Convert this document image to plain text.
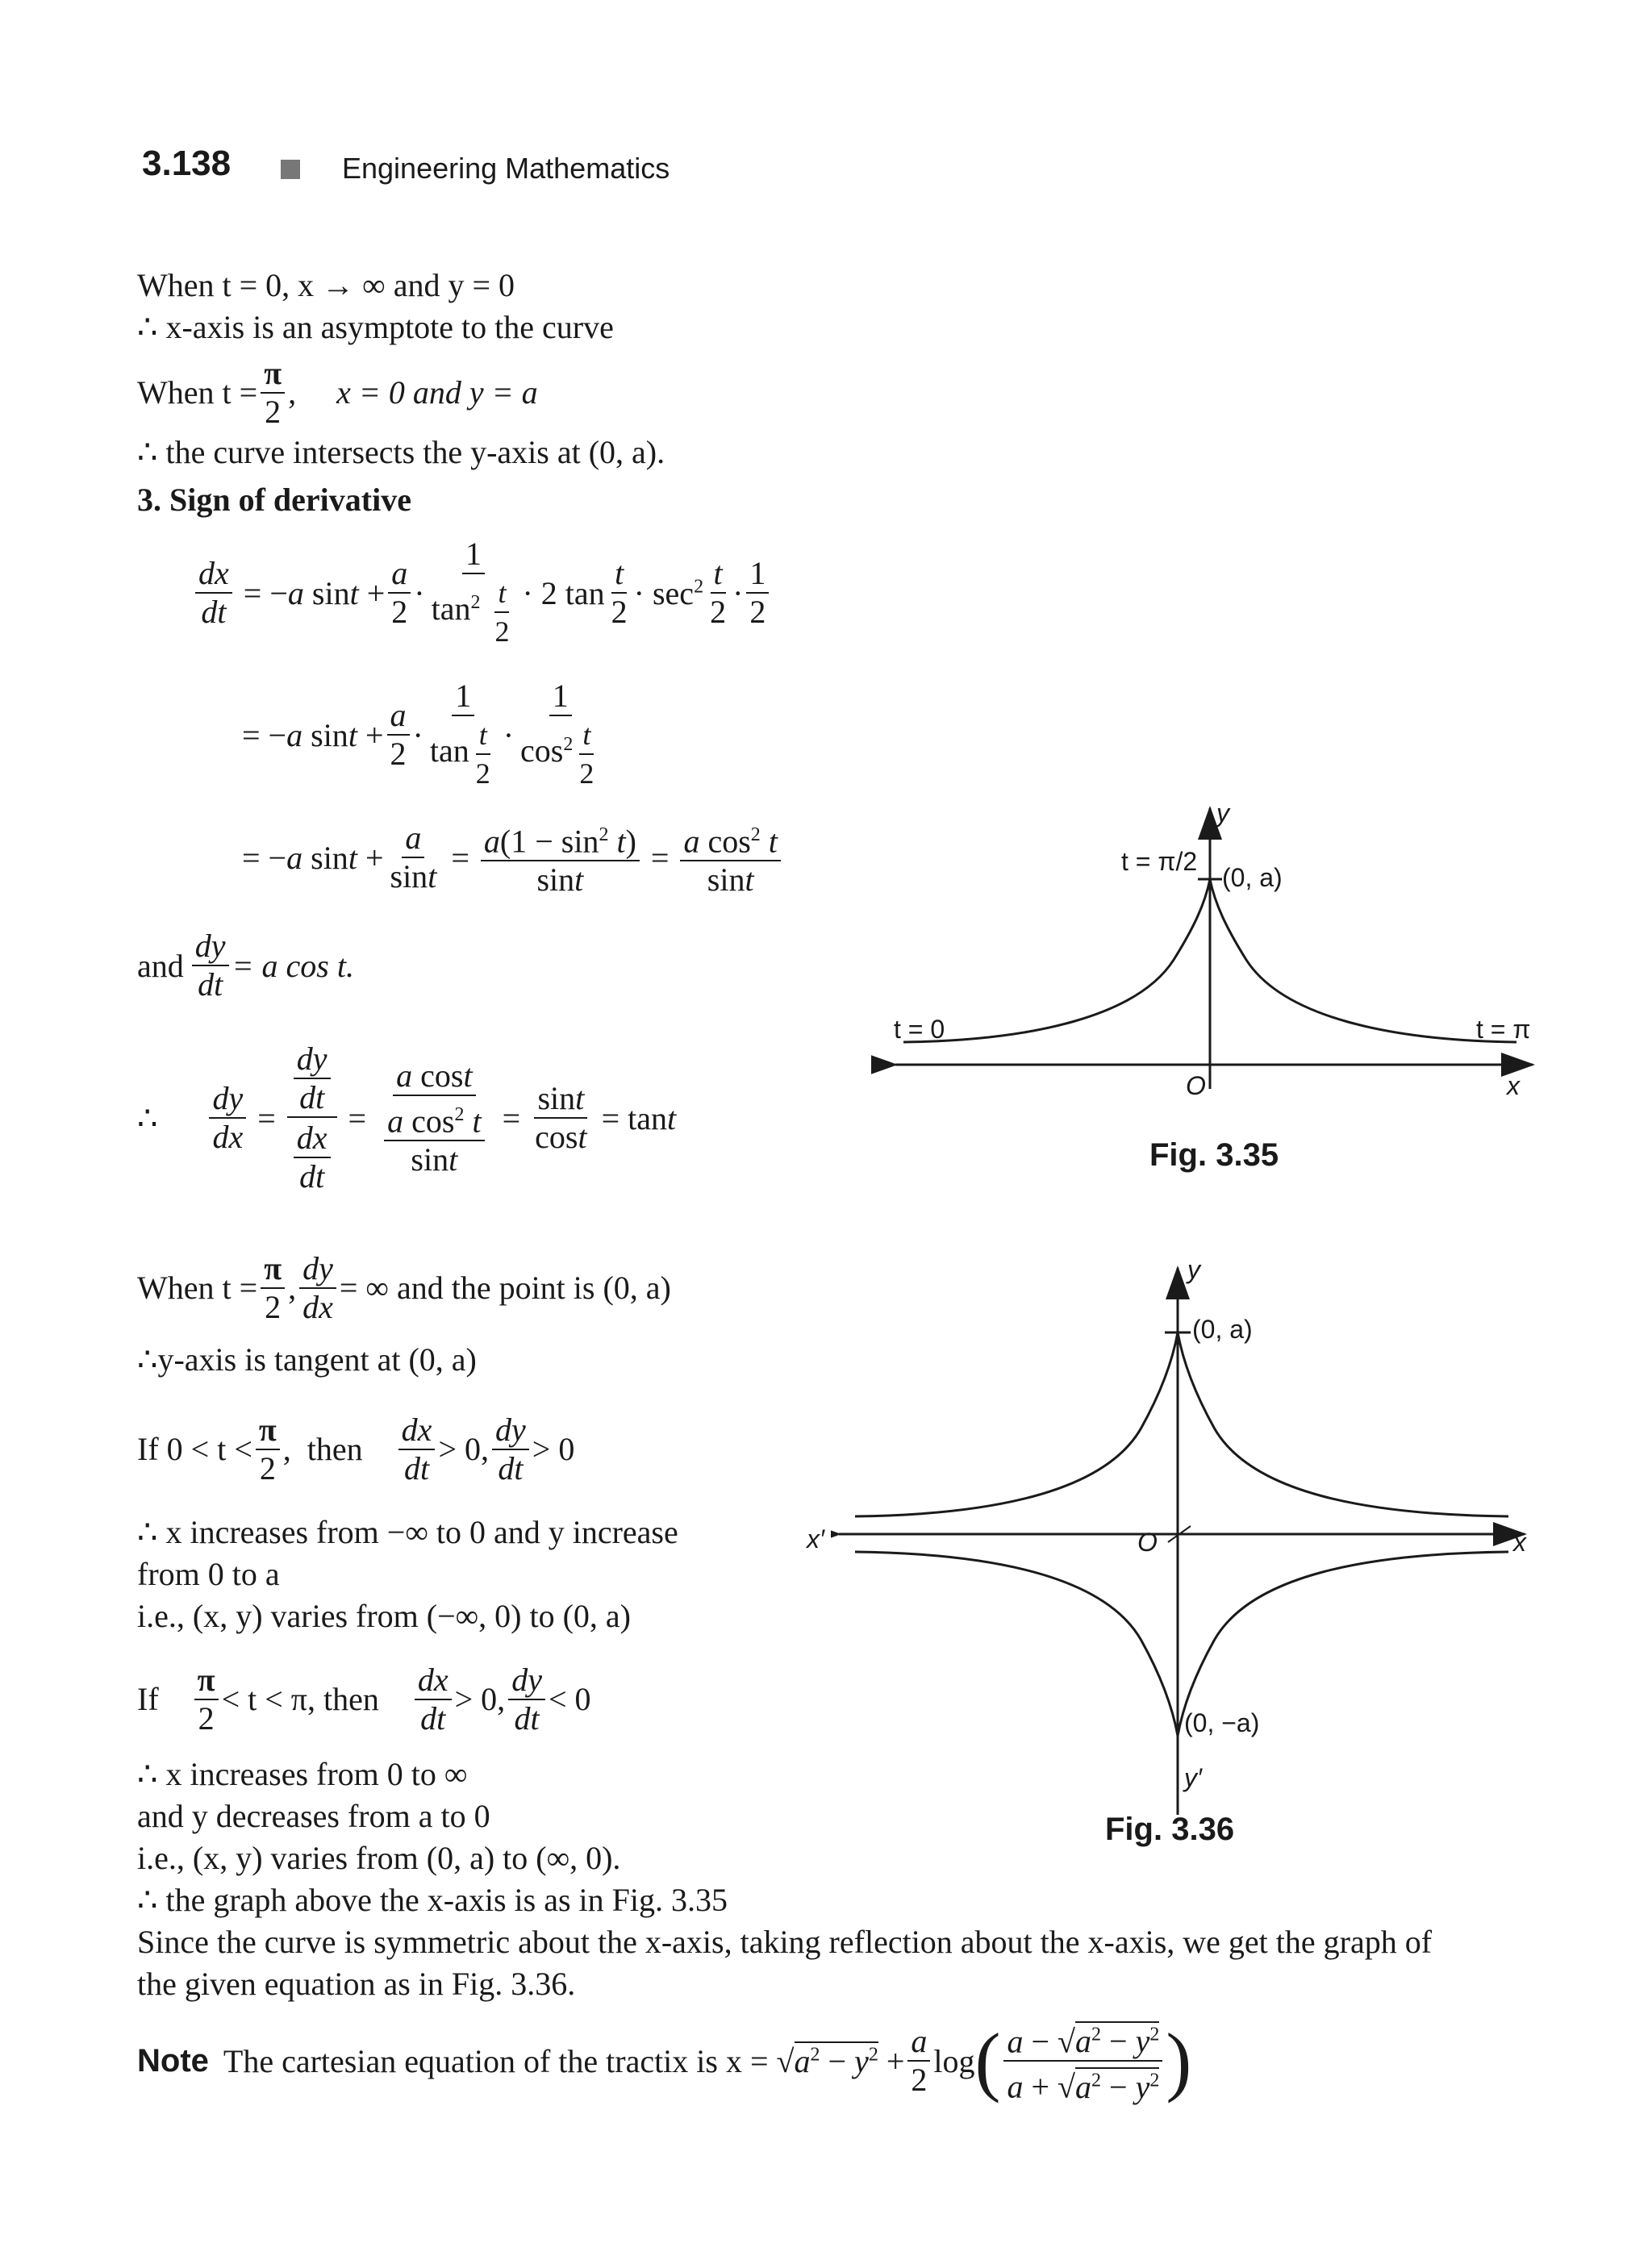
3.138	Engineering Mathematics
When t = 0, x → ∞ and y = 0
∴ x-axis is an asymptote to the curve
When $t = \frac{\pi}{2}$ , x = 0 and y = a
∴ the curve intersects the y-axis at (0, a).
3. Sign of derivative
$\frac{dx}{dt} = -a$ $\sin t + \frac{a}{2} \cdot \frac{1}{\tan^2 \frac{t}{2}} \cdot 2$ $\tan \frac{t}{2} \cdot \sec^2 \frac{t}{2} \cdot \frac{1}{2}$
= −a $\sin t + \frac{a}{2} \cdot \frac{1}{\tan \frac{t}{2}} \cdot \frac{1}{\cos^2 \frac{t}{2}}$
= −a $\sin t + \frac{a}{\sin t} = \frac{a(1 - \sin^2 t)}{\sin t} = \frac{a \cos^2 t}{\sin t}$
and $\frac{dy}{dt} = a$ cos t.
∴ $\frac{dy}{dx} = \frac{\frac{dy}{dt}}{\frac{dx}{dt}} = \frac{\text{a cost}}{\frac{a \cos^2 t}{\sin t}} = \frac{\sin t}{\cos t} = \tan t$
When $t = \frac{\pi}{2}$ , $\frac{dy}{dx}$ = ∞ and the point is (0, a)
∴y-axis is tangent at (0, a)
If $0 < t < \frac{\pi}{2}$ , then $\frac{dx}{dt} > 0$, $\frac{dy}{dt} > 0$
∴ x increases from −∞ to 0 and y increase
from 0 to a
i.e., (x, y) varies from (−∞, 0) to (0, a)
If $\frac{\pi}{2} < t < \pi$, then $\frac{dx}{dt} > 0$, $\frac{dy}{dt} < 0$
∴ x increases from 0 to ∞
and y decreases from a to 0
i.e., (x, y) varies from (0, a) to (∞, 0).
∴ the graph above the x-axis is as in Fig. 3.35
Since the curve is symmetric about the x-axis, taking reflection about the x-axis, we get the graph of
the given equation as in Fig. 3.36.
Note The cartesian equation of the tractix is $x = √a^2 - y^2 + \frac{a}{2}$ log ( $\frac{a - √a^2 - y^2}{a + √a^2 - y^2}$ )
y
(0, a)
t = π/2
t = 0	t = π
O	x
Fig. 3.35
y
(0, a)
x′	O	x
(0, −a)
y′
Fig. 3.36
